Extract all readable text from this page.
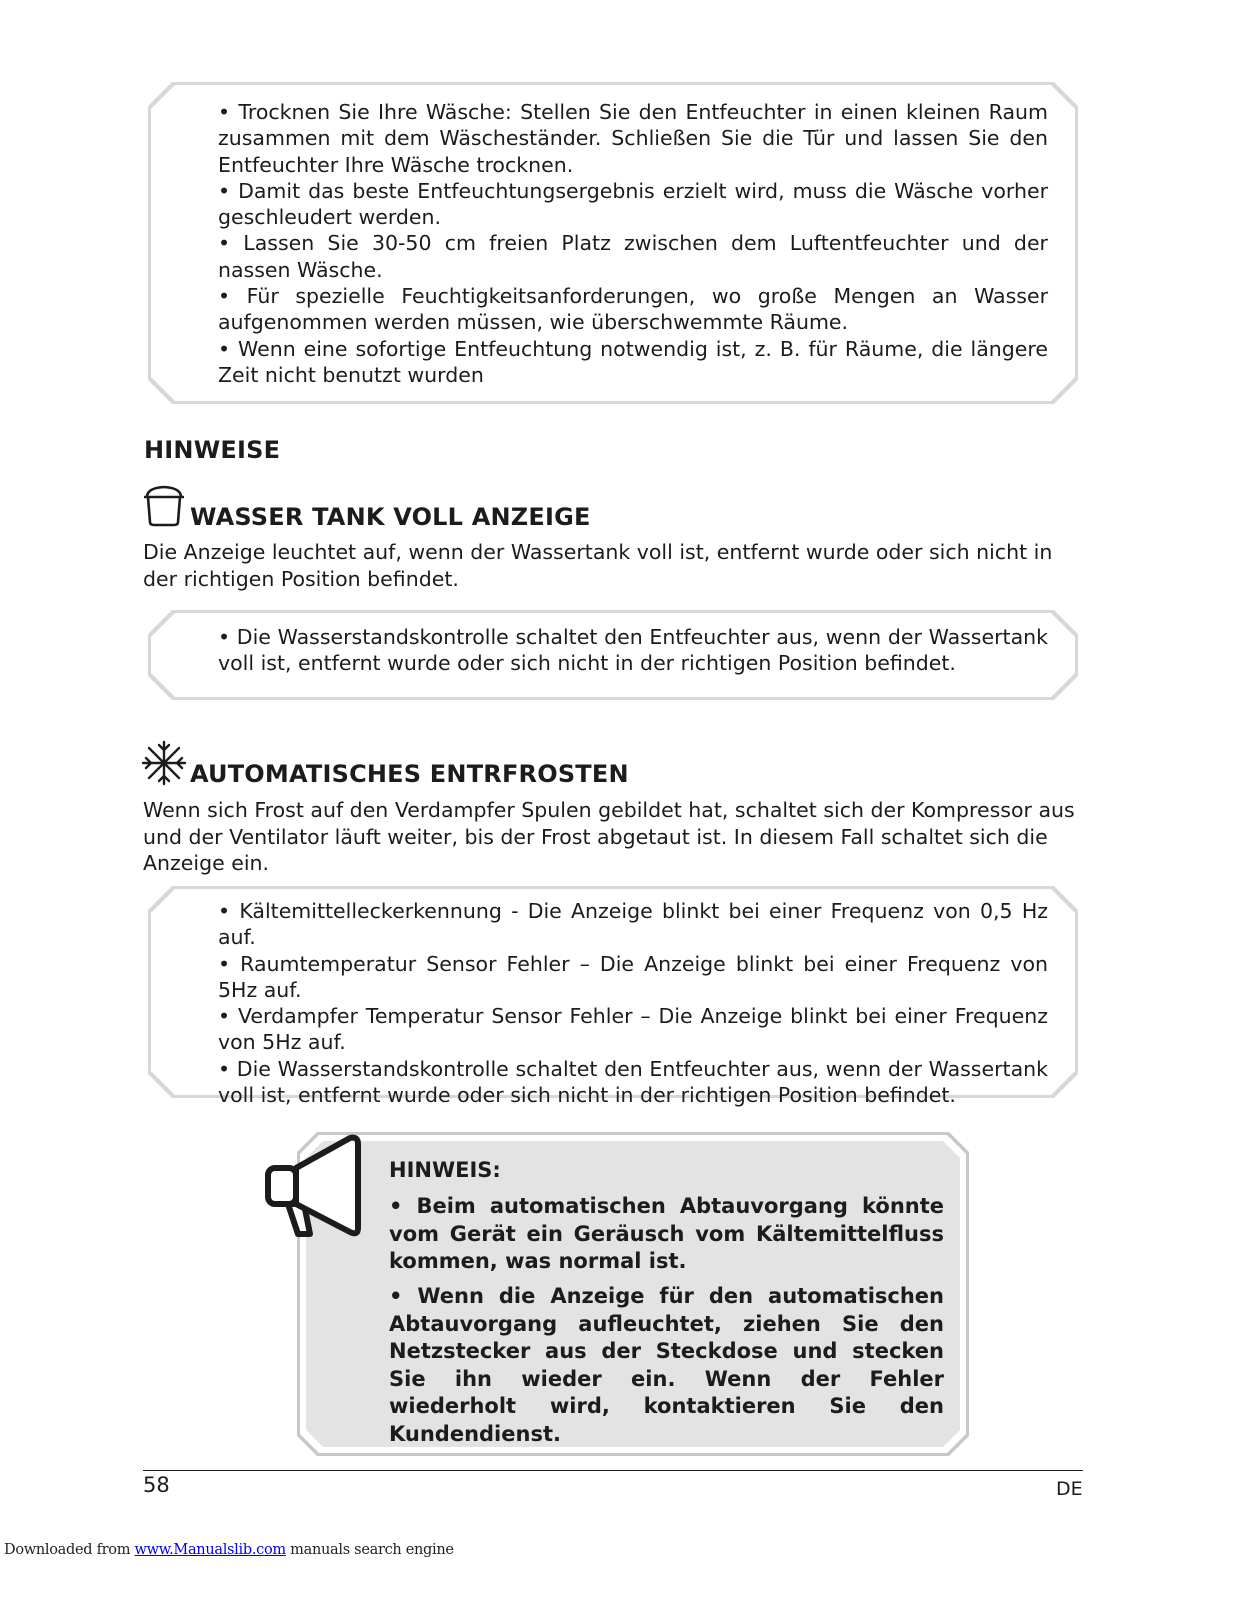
• Trocknen Sie Ihre Wäsche: Stellen Sie den Entfeuchter in einen kleinen Raum zusammen mit dem Wäscheständer. Schließen Sie die Tür und lassen Sie den Entfeuchter Ihre Wäsche trocknen.
• Damit das beste Entfeuchtungsergebnis erzielt wird, muss die Wäsche vorher geschleudert werden.
• Lassen Sie 30-50 cm freien Platz zwischen dem Luftentfeuchter und der nassen Wäsche.
• Für spezielle Feuchtigkeitsanforderungen, wo große Mengen an Wasser aufgenommen werden müssen, wie überschwemmte Räume.
• Wenn eine sofortige Entfeuchtung notwendig ist, z. B. für Räume, die längere Zeit nicht benutzt wurden
HINWEISE
WASSER TANK VOLL ANZEIGE
Die Anzeige leuchtet auf, wenn der Wassertank voll ist, entfernt wurde oder sich nicht in der richtigen Position befindet.
• Die Wasserstandskontrolle schaltet den Entfeuchter aus, wenn der Wassertank voll ist, entfernt wurde oder sich nicht in der richtigen Position befindet.
AUTOMATISCHES ENTRFROSTEN
Wenn sich Frost auf den Verdampfer Spulen gebildet hat, schaltet sich der Kompressor aus und der Ventilator läuft weiter, bis der Frost abgetaut ist. In diesem Fall schaltet sich die Anzeige ein.
• Kältemittelleckerkennung - Die Anzeige blinkt bei einer Frequenz von 0,5 Hz auf.
• Raumtemperatur Sensor Fehler – Die Anzeige blinkt bei einer Frequenz von 5Hz auf.
• Verdampfer Temperatur Sensor Fehler – Die Anzeige blinkt bei einer Frequenz von 5Hz auf.
• Die Wasserstandskontrolle schaltet den Entfeuchter aus, wenn der Wassertank voll ist, entfernt wurde oder sich nicht in der richtigen Position befindet.
HINWEIS:
• Beim automatischen Abtauvorgang könnte vom Gerät ein Geräusch vom Kältemittelfluss kommen, was normal ist.
• Wenn die Anzeige für den automatischen Abtauvorgang aufleuchtet, ziehen Sie den Netzstecker aus der Steckdose und stecken Sie ihn wieder ein. Wenn der Fehler wiederholt wird, kontaktieren Sie den Kundendienst.
58	DE
Downloaded from www.Manualslib.com manuals search engine
